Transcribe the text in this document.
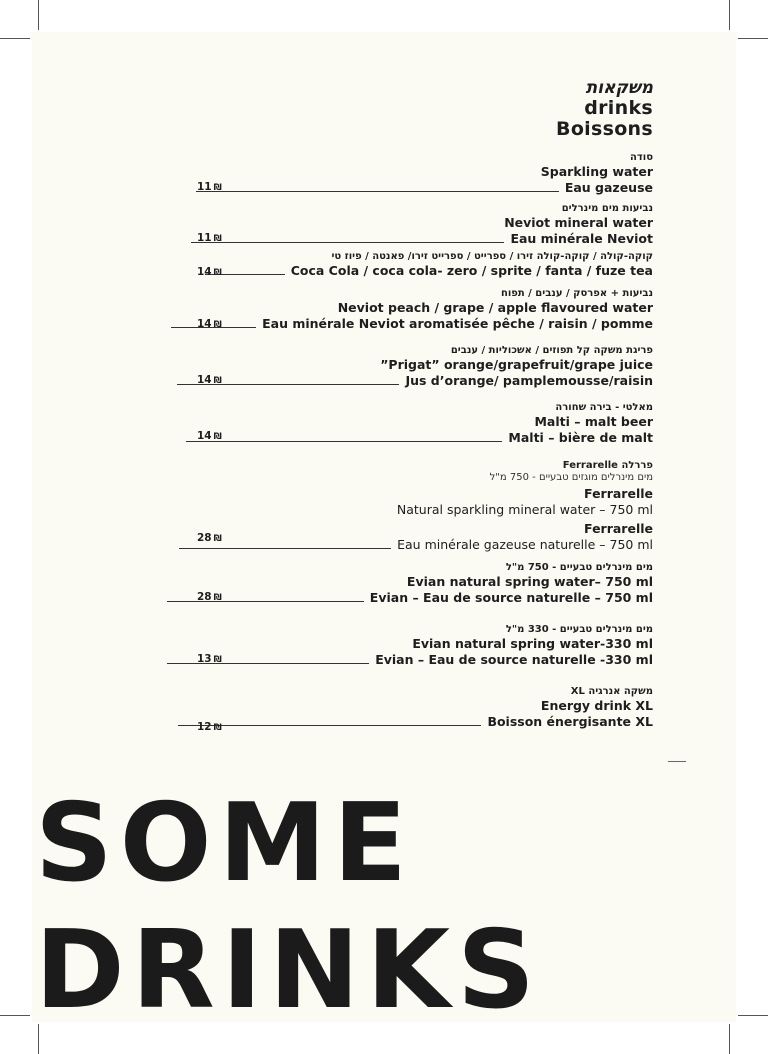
משקאות
drinks
Boissons
סודה
Sparkling water
Eau gazeuse
11 ₪
נביעות מים מינרלים
Neviot mineral water
Eau minérale Neviot
11 ₪
קוקה-קולה / קוקה-קולה זירו / ספרייט / ספרייט זירו/ פאנטה / פיוז טי
Coca Cola / coca cola- zero / sprite / fanta / fuze tea
14 ₪
נביעות + אפרסק / ענבים / תפוח
Neviot peach / grape / apple flavoured water
Eau minérale Neviot aromatisée pêche / raisin / pomme
14 ₪
פריגת משקה קל תפוזים / אשכוליות / ענבים
”Prigat” orange/grapefruit/grape juice
Jus d’orange/ pamplemousse/raisin
14 ₪
מאלטי - בירה שחורה
Malti – malt beer
Malti – bière de malt
14 ₪
פררלה Ferrarelle
מים מינרלים מוגזים טבעיים - 750 מ"ל
Ferrarelle
Natural sparkling mineral water – 750 ml
Ferrarelle
Eau minérale gazeuse naturelle – 750 ml
28 ₪
מים מינרלים טבעיים - 750 מ"ל
Evian natural spring water– 750 ml
Evian – Eau de source naturelle – 750 ml
28 ₪
מים מינרלים טבעיים - 330 מ"ל
Evian natural spring water-330 ml
Evian – Eau de source naturelle -330 ml
13 ₪
משקה אנרגיה XL
Energy drink XL
Boisson énergisante XL
12 ₪
SOME
DRINKS
